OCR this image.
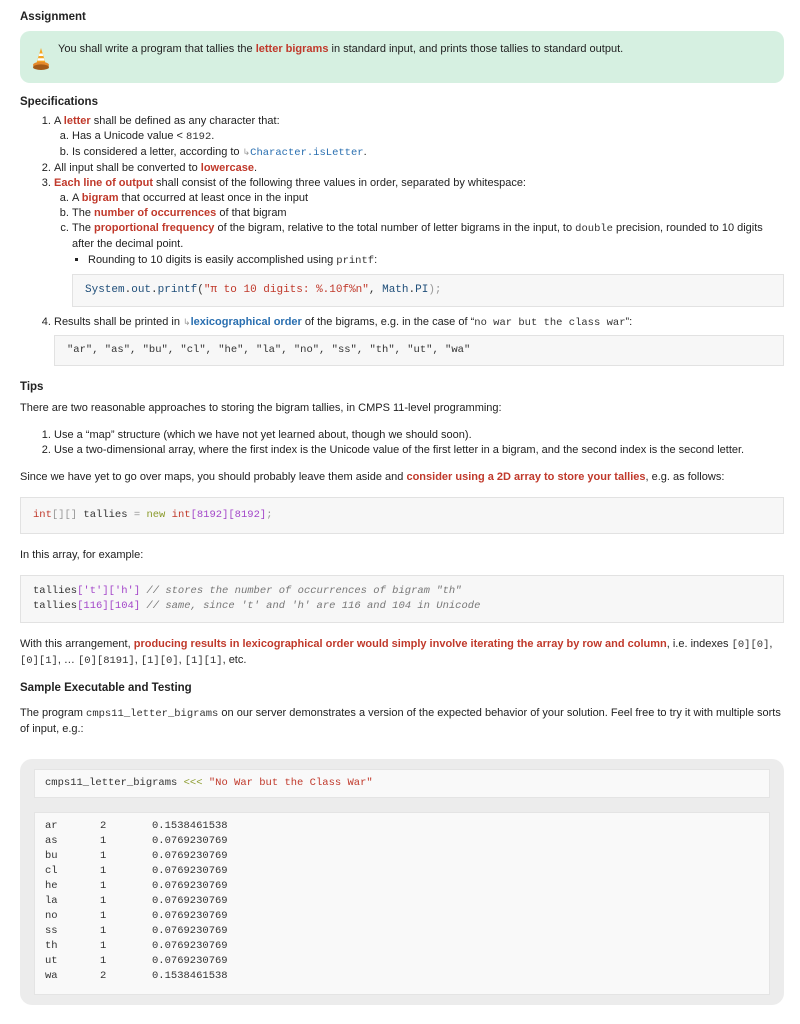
Assignment
You shall write a program that tallies the letter bigrams in standard input, and prints those tallies to standard output.
Specifications
1. A letter shall be defined as any character that:
a. Has a Unicode value < 8192.
b. Is considered a letter, according to ↳Character.isLetter.
2. All input shall be converted to lowercase.
3. Each line of output shall consist of the following three values in order, separated by whitespace:
a. A bigram that occurred at least once in the input
b. The number of occurrences of that bigram
c. The proportional frequency of the bigram, relative to the total number of letter bigrams in the input, to double precision, rounded to 10 digits after the decimal point.
▪ Rounding to 10 digits is easily accomplished using printf:
System.out.printf("π to 10 digits: %.10f%n", Math.PI);
4. Results shall be printed in ↳lexicographical order of the bigrams, e.g. in the case of “no war but the class war”:
"ar", "as", "bu", "cl", "he", "la", "no", "ss", "th", "ut", "wa"
Tips

There are two reasonable approaches to storing the bigram tallies, in CMPS 11-level programming:

1. Use a “map” structure (which we have not yet learned about, though we should soon).
2. Use a two-dimensional array, where the first index is the Unicode value of the first letter in a bigram, and the second index is the second letter.

Since we have yet to go over maps, you should probably leave them aside and consider using a 2D array to store your tallies, e.g. as follows:

int[][] tallies = new int[8192][8192];

In this array, for example:

tallies['t']['h'] // stores the number of occurrences of bigram "th"
tallies[116][104] // same, since 't' and 'h' are 116 and 104 in Unicode

With this arrangement, producing results in lexicographical order would simply involve iterating the array by row and column, i.e. indexes [0][0], [0][1], … [0][8191], [1][0], [1][1], etc.

Sample Executable and Testing

The program cmps11_letter_bigrams on our server demonstrates a version of the expected behavior of your solution. Feel free to try it with multiple sorts of input, e.g.:

cmps11_letter_bigrams <<< "No War but the Class War"
ar	2	0.1538461538
as	1	0.0769230769
bu	1	0.0769230769
cl	1	0.0769230769
he	1	0.0769230769
la	1	0.0769230769
no	1	0.0769230769
ss	1	0.0769230769
th	1	0.0769230769
ut	1	0.0769230769
wa	2	0.1538461538
